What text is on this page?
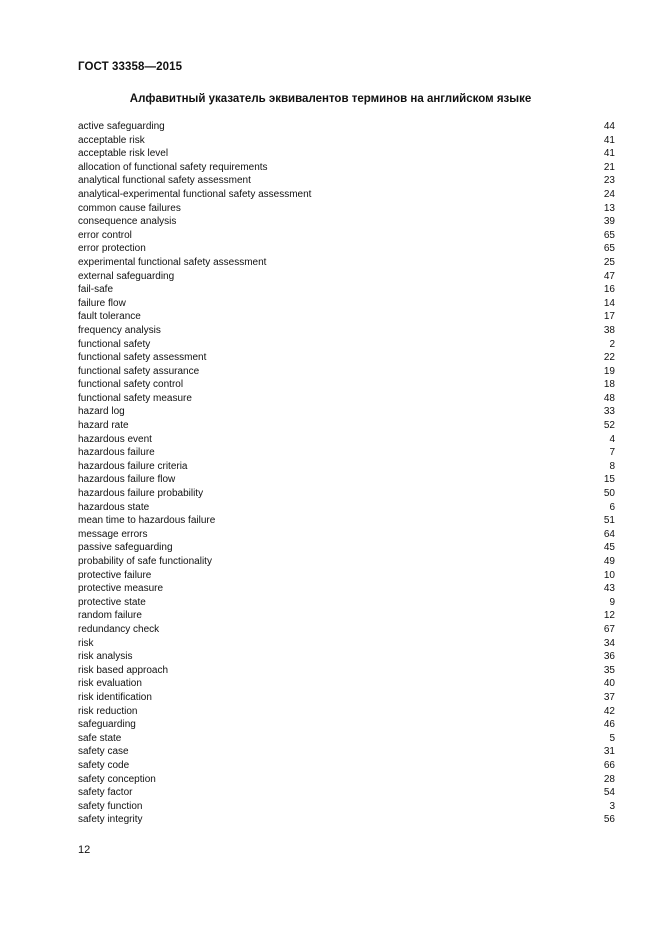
ГОСТ 33358—2015
Алфавитный указатель эквивалентов терминов на английском языке
active safeguarding	44
acceptable risk	41
acceptable risk level	41
allocation of functional safety requirements	21
analytical functional safety assessment	23
analytical-experimental functional safety assessment	24
common cause failures	13
consequence analysis	39
error control	65
error protection	65
experimental functional safety assessment	25
external safeguarding	47
fail-safe	16
failure flow	14
fault tolerance	17
frequency analysis	38
functional safety	2
functional safety assessment	22
functional safety assurance	19
functional safety control	18
functional safety measure	48
hazard log	33
hazard rate	52
hazardous event	4
hazardous failure	7
hazardous failure criteria	8
hazardous failure flow	15
hazardous failure probability	50
hazardous state	6
mean time to hazardous failure	51
message errors	64
passive safeguarding	45
probability of safe functionality	49
protective failure	10
protective measure	43
protective state	9
random failure	12
redundancy check	67
risk	34
risk analysis	36
risk based approach	35
risk evaluation	40
risk identification	37
risk reduction	42
safeguarding	46
safe state	5
safety case	31
safety code	66
safety conception	28
safety factor	54
safety function	3
safety integrity	56
12
